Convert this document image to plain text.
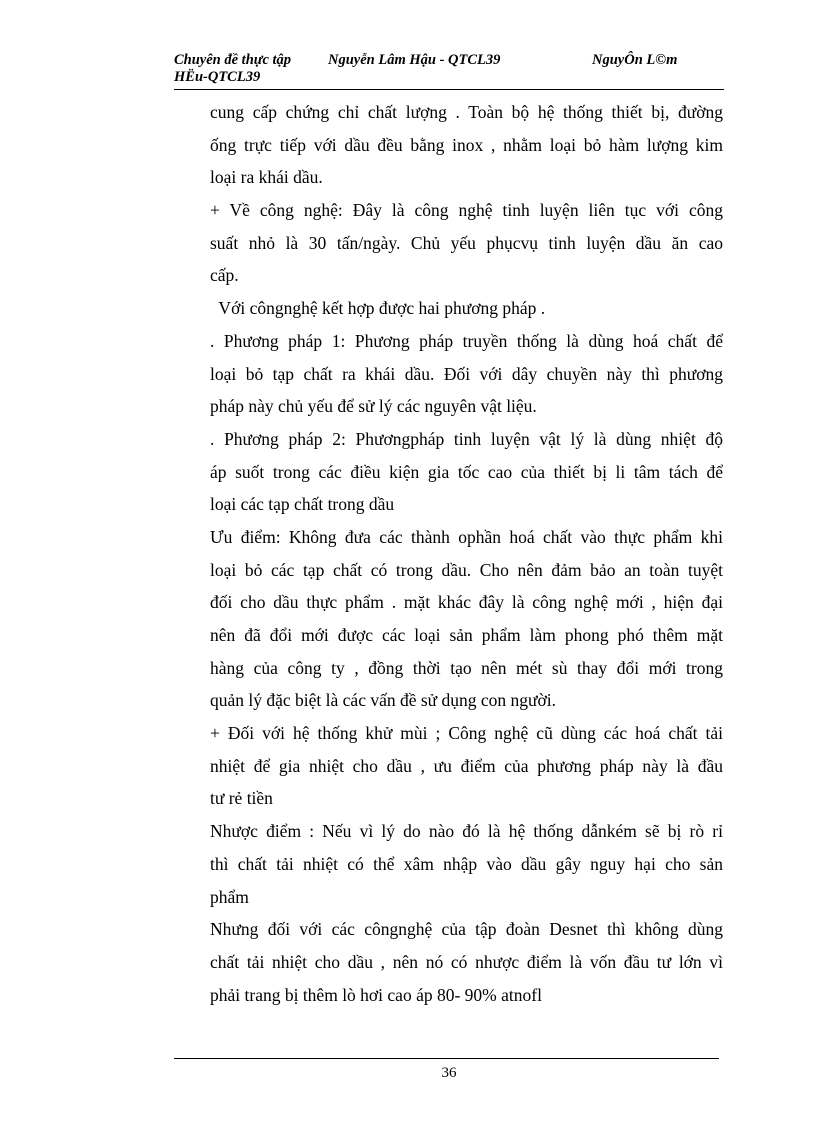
Chuyên đề thực tập	Nguyễn Lâm Hậu - QTCL39	NguyÔn L©m
HËu-QTCL39
cung cấp chứng chỉ chất lượng . Toàn bộ hệ thống thiết bị, đường
ống trực tiếp với dầu đều bằng inox , nhằm loại bỏ hàm lượng kim
loại ra khái dầu.
+ Về công nghệ: Đây là công nghệ tinh luyện liên tục với công
suất nhỏ là 30 tấn/ngày. Chủ yếu phụcvụ tinh luyện dầu ăn cao
cấp.
Với côngnghệ kết hợp được hai phương pháp .
. Phương pháp 1: Phương pháp truyền thống là dùng hoá chất để
loại bỏ tạp chất ra khái dầu. Đối với dây chuyền này thì phương
pháp này chủ yếu để sử lý các nguyên vật liệu.
. Phương pháp 2: Phươngpháp tinh luyện vật lý là dùng nhiệt độ
áp suốt trong các điều kiện gia tốc cao của thiết bị li tâm tách để
loại các tạp chất trong dầu
Ưu điểm: Không đưa các thành ophần hoá chất vào thực phẩm khi
loại bỏ các tạp chất có trong dầu. Cho nên đảm bảo an toàn tuyệt
đối cho dầu thực phẩm . mặt khác đây là công nghệ mới , hiện đại
nên đã đổi mới được các loại sản phẩm làm phong phó thêm mặt
hàng của công ty , đồng thời tạo nên mét sù thay đổi mới trong
quản lý đặc biệt là các vấn đề sử dụng con người.
+ Đối với hệ thống khử mùi ; Công nghệ cũ dùng các hoá chất tải
nhiệt để gia nhiệt cho dầu , ưu điểm của phương pháp này là đầu
tư rẻ tiền
Nhược điểm : Nếu vì lý do nào đó là hệ thống dẫnkém sẽ bị rò rỉ
thì chất tải nhiệt có thể xâm nhập vào dầu gây nguy hại cho sản
phẩm
Nhưng đối với các côngnghệ của tập đoàn Desnet thì không dùng
chất tải nhiệt cho dầu , nên nó có nhược điểm là vốn đầu tư lớn vì
phải trang bị thêm lò hơi cao áp 80- 90% atnofl
36
